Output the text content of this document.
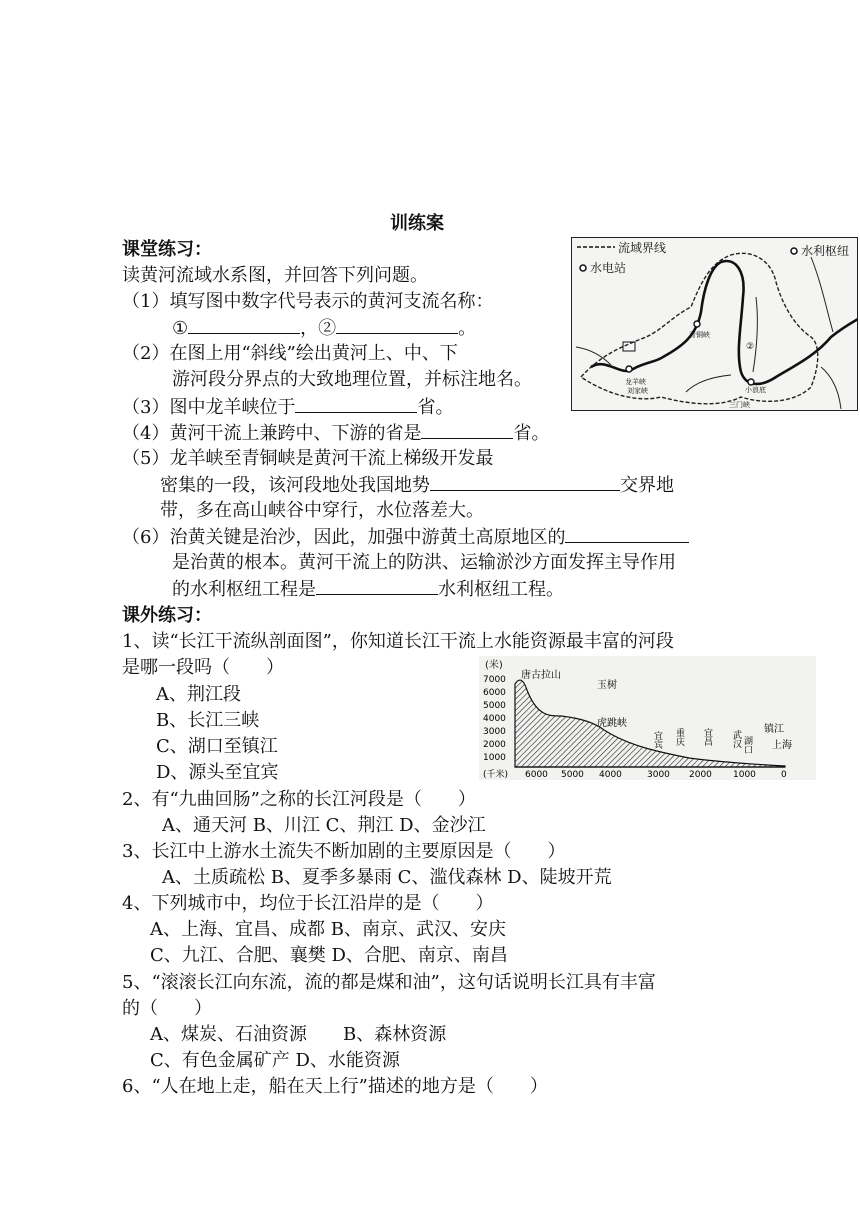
训练案
课堂练习：
读黄河流域水系图，并回答下列问题。
（1）填写图中数字代号表示的黄河支流名称：
①	，②	。
（2）在图上用“斜线”绘出黄河上、中、下
游河段分界点的大致地理位置，并标注地名。
（3）图中龙羊峡位于	省。
（4）黄河干流上兼跨中、下游的省是	省。
（5）龙羊峡至青铜峡是黄河干流上梯级开发最
密集的一段，该河段地处我国地势	交界地
带，多在高山峡谷中穿行，水位落差大。
（6）治黄关键是治沙，因此，加强中游黄土高原地区的
是治黄的根本。黄河干流上的防洪、运输淤沙方面发挥主导作用
的水利枢纽工程是	水利枢纽工程。
流域界线	水利枢纽
水电站
青铜峡
龙羊峡
刘家峡	小浪底
三门峡
②
课外练习：
1、读“长江干流纵剖面图”，你知道长江干流上水能资源最丰富的河段
是哪一段吗（　　）
A、荆江段
B、长江三峡
C、湖口至镇江
D、源头至宜宾
(米)
7000
6000
5000
4000
3000
2000
1000
唐古拉山
玉树
虎跳峡
宜宾 重庆 宜昌 武汉 湖口
镇江
上海
(千米) 6000 5000 4000	3000 2000 1000	0
2、有“九曲回肠”之称的长江河段是（　　）
A、通天河 B、川江 C、荆江 D、金沙江
3、长江中上游水土流失不断加剧的主要原因是（　　）
A、土质疏松 B、夏季多暴雨 C、滥伐森林 D、陡坡开荒
4、下列城市中，均位于长江沿岸的是（　　）
A、上海、宜昌、成都 B、南京、武汉、安庆
C、九江、合肥、襄樊 D、合肥、南京、南昌
5、“滚滚长江向东流，流的都是煤和油”，这句话说明长江具有丰富
的（　　）
A、煤炭、石油资源　　B、森林资源
C、有色金属矿产 D、水能资源
6、“人在地上走，船在天上行”描述的地方是（　　）
